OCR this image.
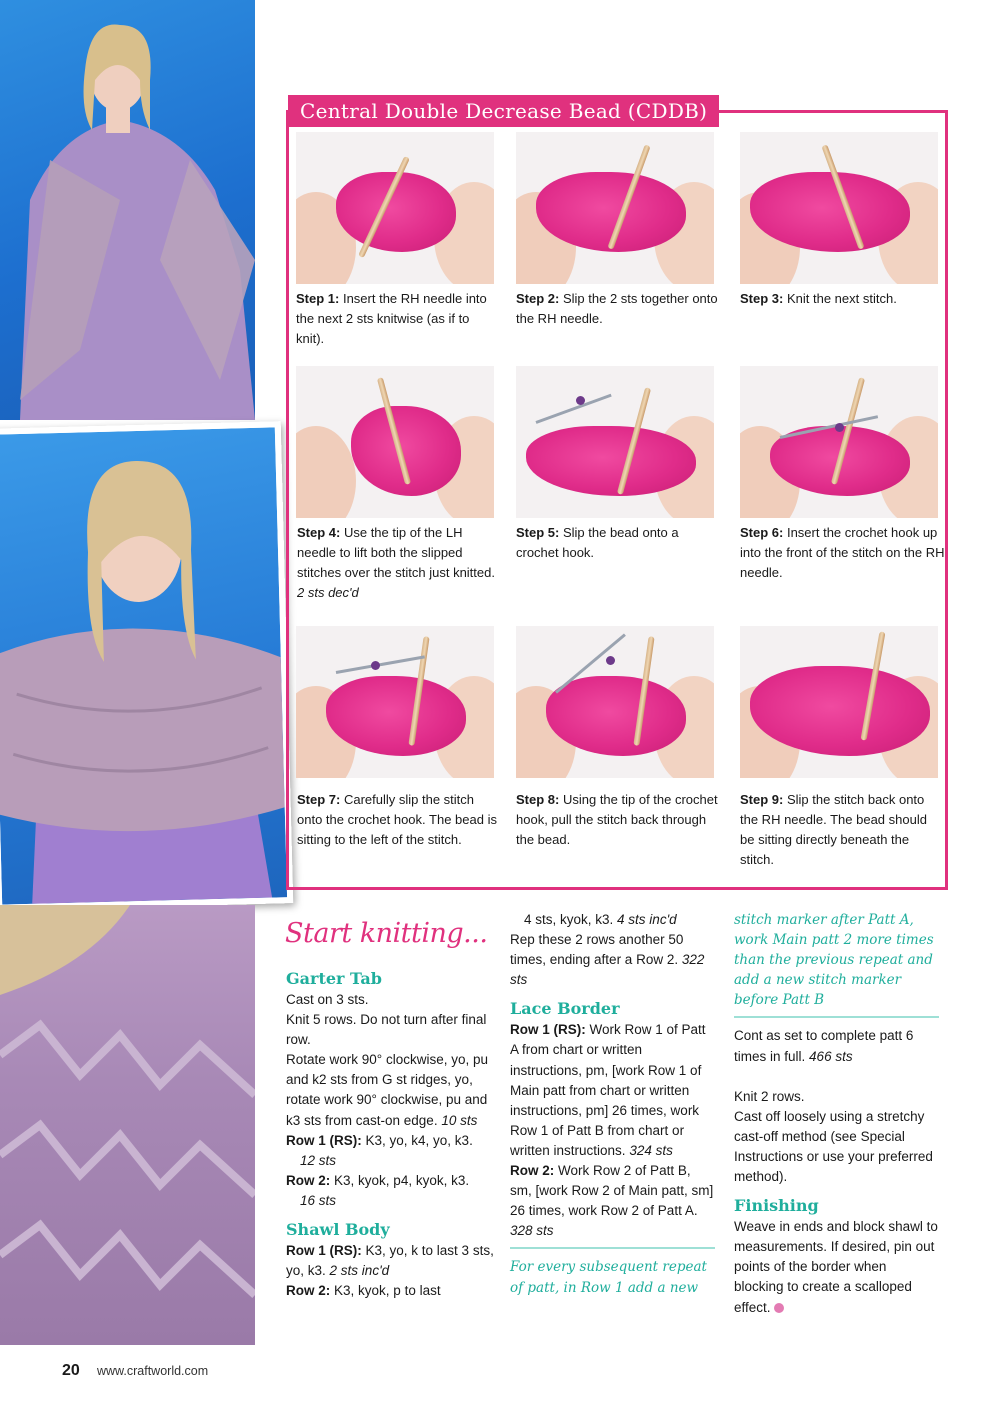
Central Double Decrease Bead (CDDB)
Step 1: Insert the RH needle into the next 2 sts knitwise (as if to knit).
Step 2: Slip the 2 sts together onto the RH needle.
Step 3: Knit the next stitch.
Step 4: Use the tip of the LH needle to lift both the slipped stitches over the stitch just knitted. 2 sts dec'd
Step 5: Slip the bead onto a crochet hook.
Step 6: Insert the crochet hook up into the front of the stitch on the RH needle.
Step 7: Carefully slip the stitch onto the crochet hook. The bead is sitting to the left of the stitch.
Step 8: Using the tip of the crochet hook, pull the stitch back through the bead.
Step 9: Slip the stitch back onto the RH needle. The bead should be sitting directly beneath the stitch.
Start knitting...
Garter Tab
Cast on 3 sts.
Knit 5 rows. Do not turn after final row.
Rotate work 90° clockwise, yo, pu and k2 sts from G st ridges, yo, rotate work 90° clockwise, pu and k3 sts from cast-on edge. 10 sts
Row 1 (RS): K3, yo, k4, yo, k3.
12 sts
Row 2: K3, kyok, p4, kyok, k3.
16 sts
Shawl Body
Row 1 (RS): K3, yo, k to last 3 sts, yo, k3. 2 sts inc'd
Row 2: K3, kyok, p to last
4 sts, kyok, k3. 4 sts inc'd
Rep these 2 rows another 50 times, ending after a Row 2. 322 sts
Lace Border
Row 1 (RS): Work Row 1 of Patt A from chart or written instructions, pm, [work Row 1 of Main patt from chart or written instructions, pm] 26 times, work Row 1 of Patt B from chart or written instructions. 324 sts
Row 2: Work Row 2 of Patt B, sm, [work Row 2 of Main patt, sm] 26 times, work Row 2 of Patt A. 328 sts
For every subsequent repeat of patt, in Row 1 add a new
stitch marker after Patt A, work Main patt 2 more times than the previous repeat and add a new stitch marker before Patt B
Cont as set to complete patt 6 times in full. 466 sts
Knit 2 rows.
Cast off loosely using a stretchy cast-off method (see Special Instructions or use your preferred method).
Finishing
Weave in ends and block shawl to measurements. If desired, pin out points of the border when blocking to create a scalloped effect.
20 www.craftworld.com
